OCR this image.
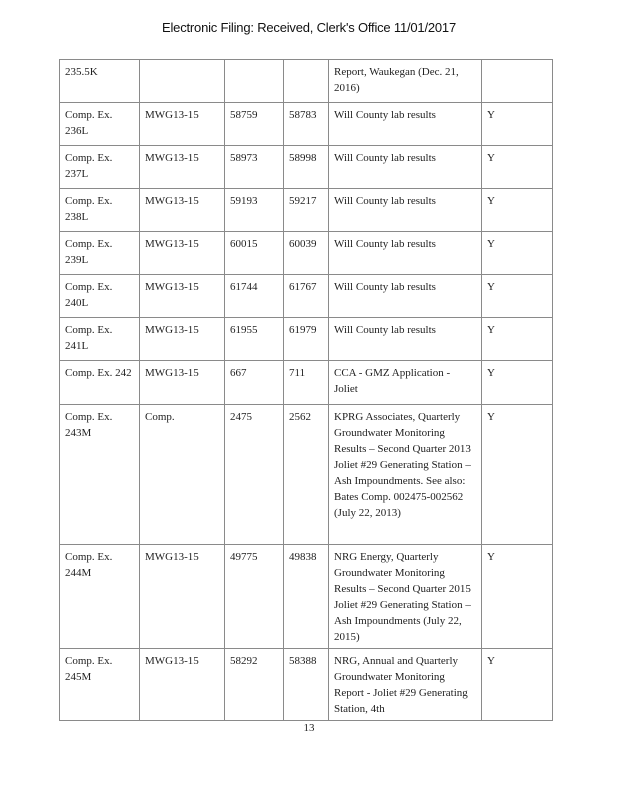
Electronic Filing: Received, Clerk's Office 11/01/2017
235.5K				Report, Waukegan (Dec. 21, 2016)	
Comp. Ex. 236L	MWG13-15	58759	58783	Will County lab results	Y
Comp. Ex. 237L	MWG13-15	58973	58998	Will County lab results	Y
Comp. Ex. 238L	MWG13-15	59193	59217	Will County lab results	Y
Comp. Ex. 239L	MWG13-15	60015	60039	Will County lab results	Y
Comp. Ex. 240L	MWG13-15	61744	61767	Will County lab results	Y
Comp. Ex. 241L	MWG13-15	61955	61979	Will County lab results	Y
Comp. Ex. 242	MWG13-15	667	711	CCA - GMZ Application - Joliet	Y
Comp. Ex. 243M	Comp.	2475	2562	KPRG Associates, Quarterly Groundwater Monitoring Results – Second Quarter 2013 Joliet #29 Generating Station – Ash Impoundments. See also: Bates Comp. 002475-002562 (July 22, 2013)	Y
Comp. Ex. 244M	MWG13-15	49775	49838	NRG Energy, Quarterly Groundwater Monitoring Results – Second Quarter 2015 Joliet #29 Generating Station – Ash Impoundments (July 22, 2015)	Y
Comp. Ex. 245M	MWG13-15	58292	58388	NRG, Annual and Quarterly Groundwater Monitoring Report - Joliet #29 Generating Station, 4th	Y
13
